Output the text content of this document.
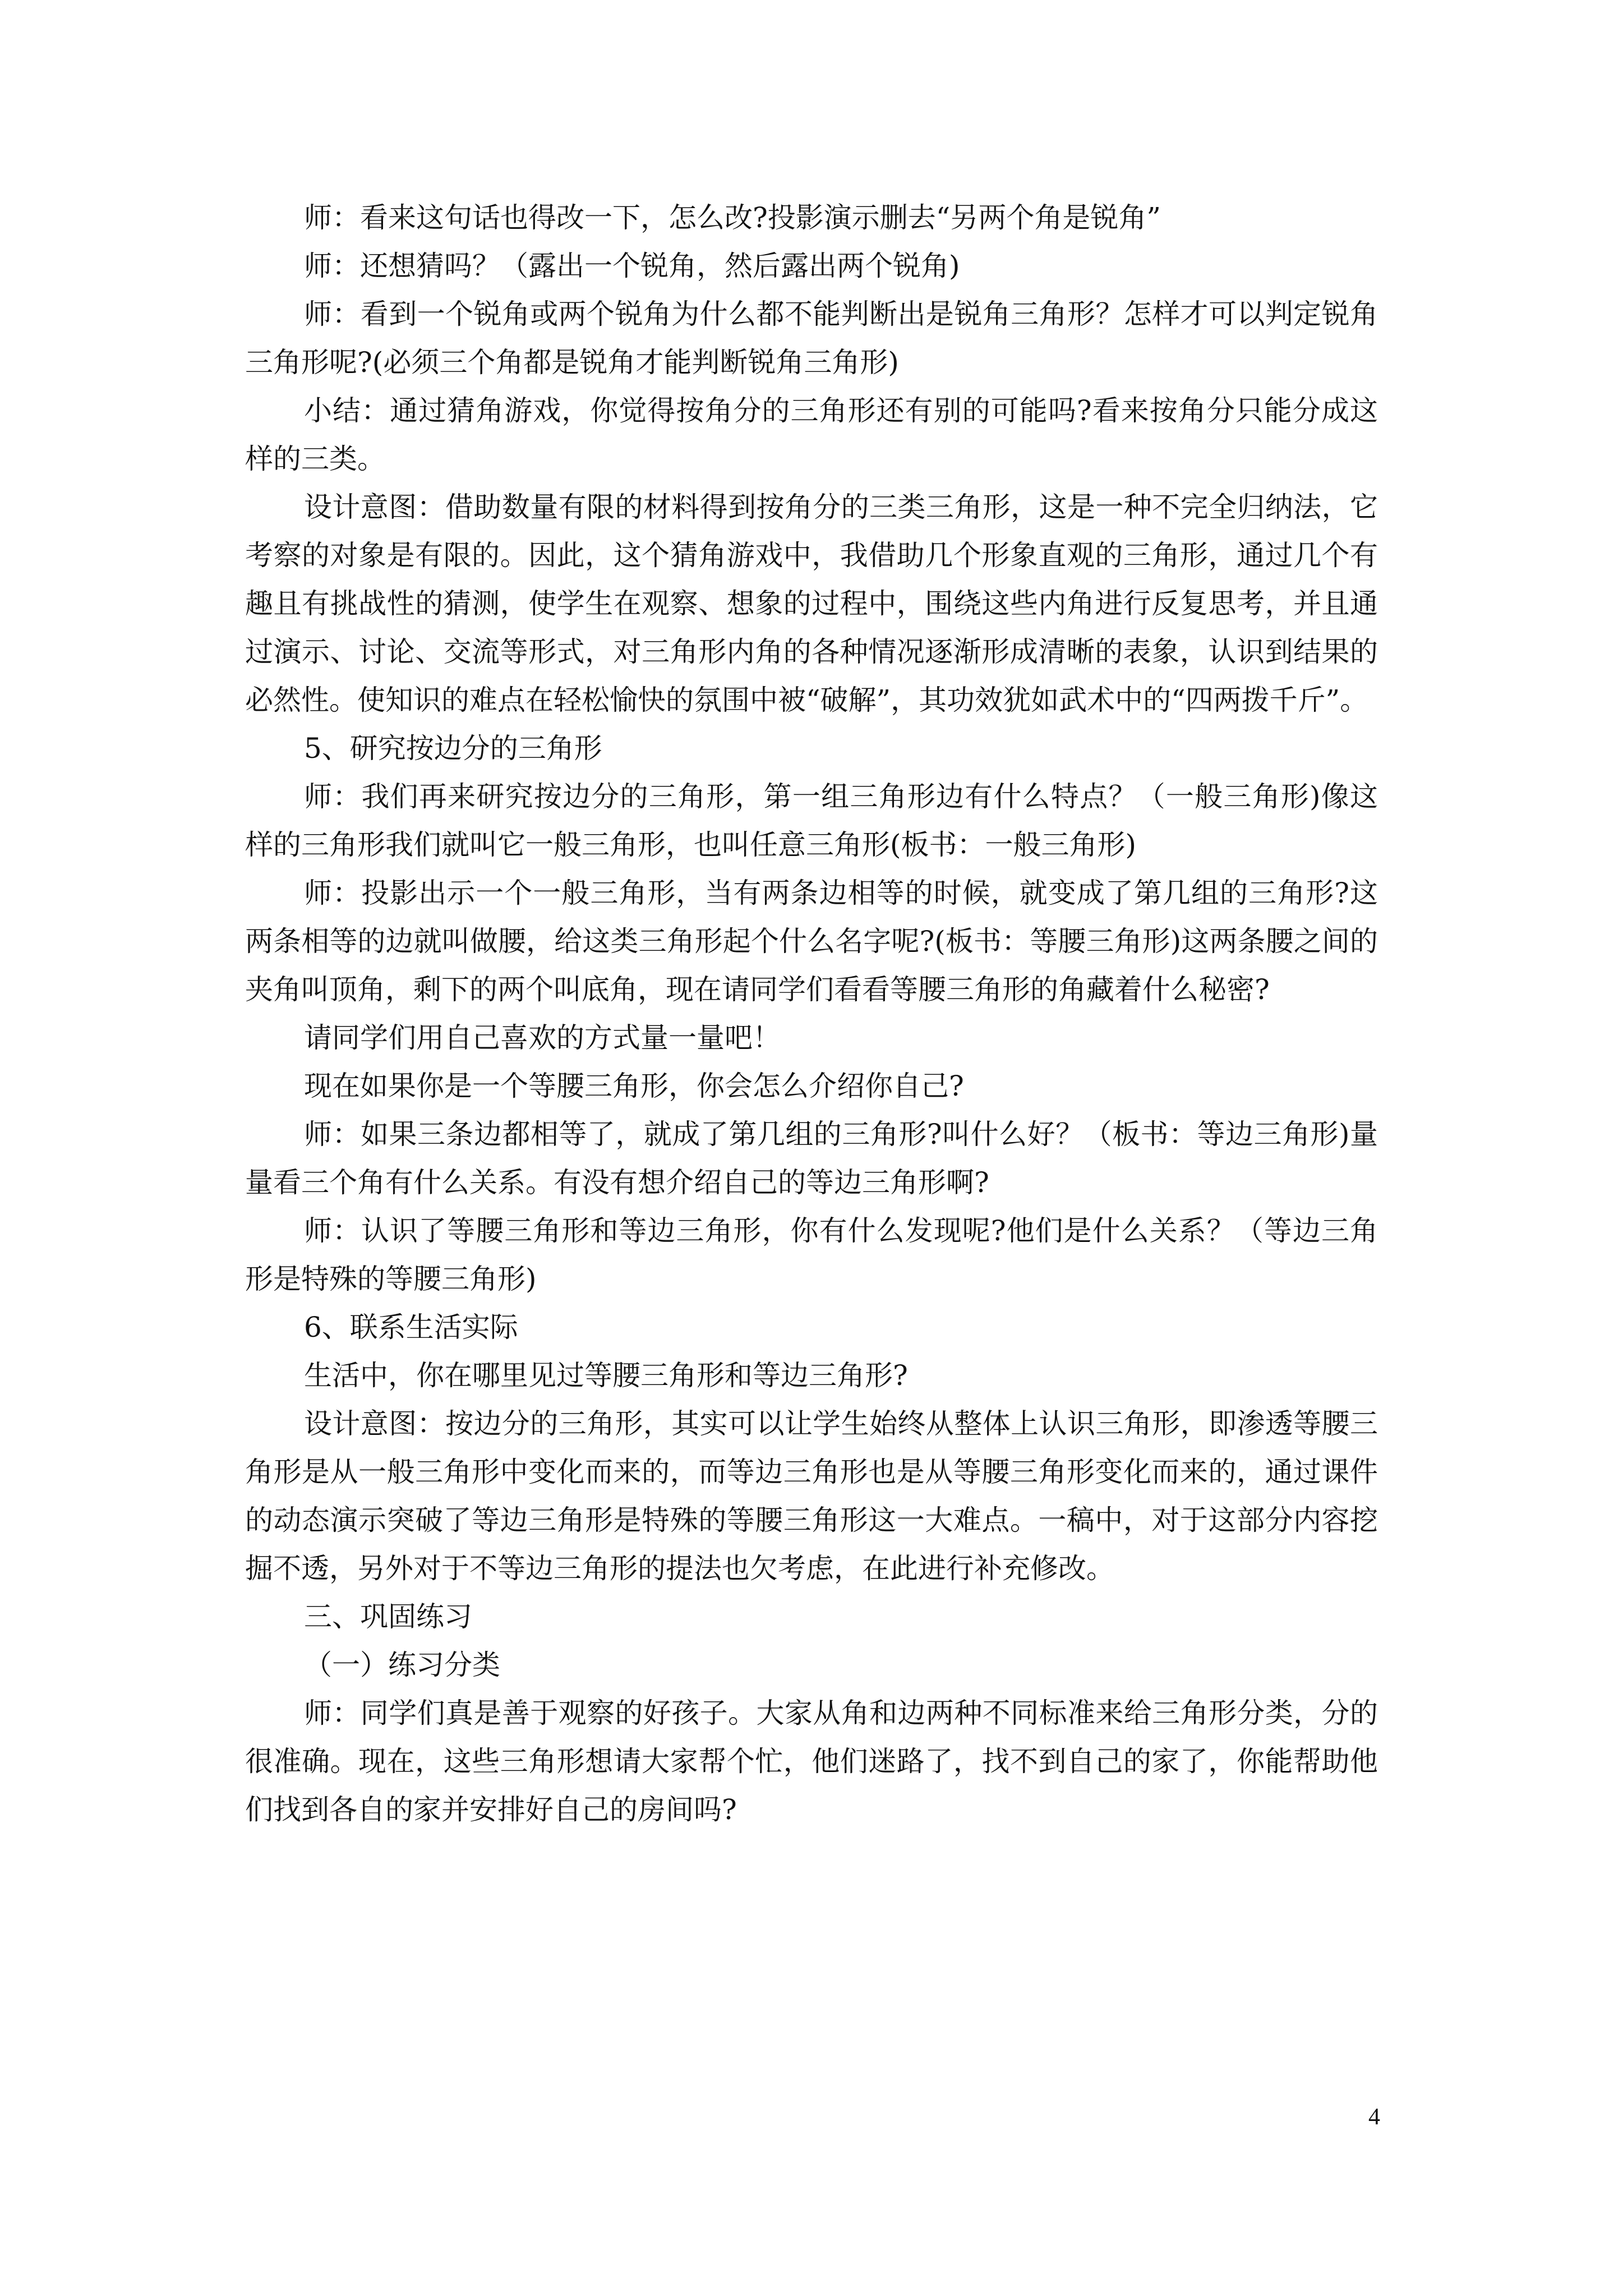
师：看来这句话也得改一下，怎么改?投影演示删去“另两个角是锐角”

师：还想猜吗？（露出一个锐角，然后露出两个锐角)

师：看到一个锐角或两个锐角为什么都不能判断出是锐角三角形？怎样才可以判定锐角三角形呢?(必须三个角都是锐角才能判断锐角三角形)

小结：通过猜角游戏，你觉得按角分的三角形还有别的可能吗?看来按角分只能分成这样的三类。

设计意图：借助数量有限的材料得到按角分的三类三角形，这是一种不完全归纳法，它考察的对象是有限的。因此，这个猜角游戏中，我借助几个形象直观的三角形，通过几个有趣且有挑战性的猜测，使学生在观察、想象的过程中，围绕这些内角进行反复思考，并且通过演示、讨论、交流等形式，对三角形内角的各种情况逐渐形成清晰的表象，认识到结果的必然性。使知识的难点在轻松愉快的氛围中被“破解”，其功效犹如武术中的“四两拨千斤”。

5、研究按边分的三角形

师：我们再来研究按边分的三角形，第一组三角形边有什么特点？（一般三角形)像这样的三角形我们就叫它一般三角形，也叫任意三角形(板书：一般三角形)

师：投影出示一个一般三角形，当有两条边相等的时候，就变成了第几组的三角形?这两条相等的边就叫做腰，给这类三角形起个什么名字呢?(板书：等腰三角形)这两条腰之间的夹角叫顶角，剩下的两个叫底角，现在请同学们看看等腰三角形的角藏着什么秘密?

请同学们用自己喜欢的方式量一量吧！

现在如果你是一个等腰三角形，你会怎么介绍你自己?

师：如果三条边都相等了，就成了第几组的三角形?叫什么好？（板书：等边三角形)量量看三个角有什么关系。有没有想介绍自己的等边三角形啊?

师：认识了等腰三角形和等边三角形，你有什么发现呢?他们是什么关系？（等边三角形是特殊的等腰三角形)

6、联系生活实际

生活中，你在哪里见过等腰三角形和等边三角形?

设计意图：按边分的三角形，其实可以让学生始终从整体上认识三角形，即渗透等腰三角形是从一般三角形中变化而来的，而等边三角形也是从等腰三角形变化而来的，通过课件的动态演示突破了等边三角形是特殊的等腰三角形这一大难点。一稿中，对于这部分内容挖掘不透，另外对于不等边三角形的提法也欠考虑，在此进行补充修改。

三、巩固练习

（一）练习分类

师：同学们真是善于观察的好孩子。大家从角和边两种不同标准来给三角形分类，分的很准确。现在，这些三角形想请大家帮个忙，他们迷路了，找不到自己的家了，你能帮助他们找到各自的家并安排好自己的房间吗?

4
